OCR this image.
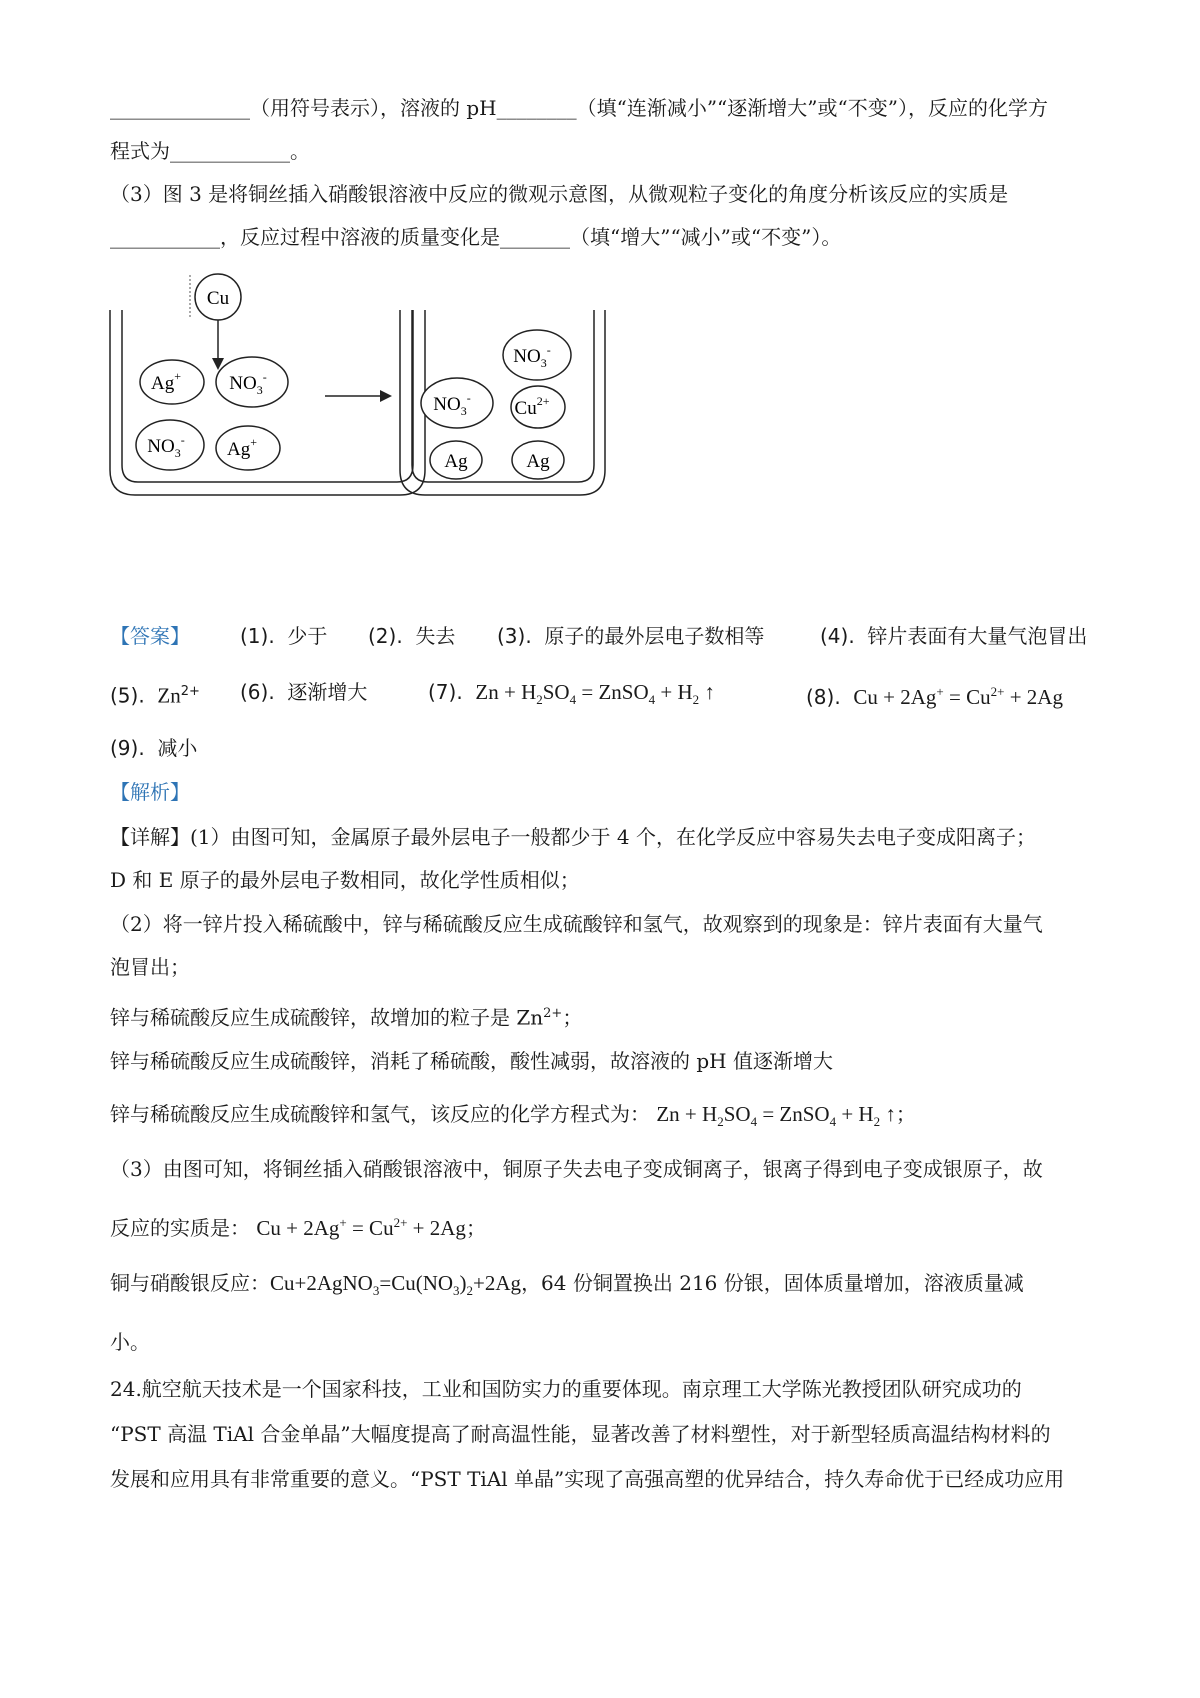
______________（用符号表示），溶液的 pH________（填“连渐减小”“逐渐增大”或“不变”），反应的化学方
程式为____________。
（3）图 3 是将铜丝插入硝酸银溶液中反应的微观示意图，从微观粒子变化的角度分析该反应的实质是
___________，反应过程中溶液的质量变化是_______（填“增大”“减小”或“不变”）。
Cu
Ag+	$NO_3^-$
$NO_3^-$ Ag+
$NO_3^-$
$NO_3^-$ $Cu^{2+}$
Ag	Ag
【答案】	(1). 少于 (2). 失去 (3). 原子的最外层电子数相等	(4). 锌片表面有大量气泡冒出
(5). $Zn^{2+}$ (6). 逐渐增大	(7). $Zn + H_2SO_4$ = ZnSO$_4$ + $H_2$ ↑	(8). $Cu + 2Ag^+ = Cu^{2+} + 2Ag$
(9). 减小
【解析】
【详解】(1）由图可知，金属原子最外层电子一般都少于 4 个，在化学反应中容易失去电子变成阳离子；
D 和 E 原子的最外层电子数相同，故化学性质相似；
（2）将一锌片投入稀硫酸中，锌与稀硫酸反应生成硫酸锌和氢气，故观察到的现象是：锌片表面有大量气
泡冒出；
锌与稀硫酸反应生成硫酸锌，故增加的粒子是 $Zn^{2+}$；
锌与稀硫酸反应生成硫酸锌，消耗了稀硫酸，酸性减弱，故溶液的 pH 值逐渐增大
锌与稀硫酸反应生成硫酸锌和氢气，该反应的化学方程式为： $Zn + H_2SO_4$ = ZnSO$_4$ + $H_2$ ↑；
（3）由图可知，将铜丝插入硝酸银溶液中，铜原子失去电子变成铜离子，银离子得到电子变成银原子，故
反应的实质是： $Cu + 2Ag^+ = Cu^{2+} + 2Ag$；
铜与硝酸银反应：$Cu+2AgNO_3=Cu(NO_3)_2+2Ag$，64 份铜置换出 216 份银，固体质量增加，溶液质量减
小。
24.航空航天技术是一个国家科技，工业和国防实力的重要体现。南京理工大学陈光教授团队研究成功的
“PST 高温 TiAl 合金单晶”大幅度提高了耐高温性能，显著改善了材料塑性，对于新型轻质高温结构材料的
发展和应用具有非常重要的意义。“PST TiAl 单晶”实现了高强高塑的优异结合，持久寿命优于已经成功应用
